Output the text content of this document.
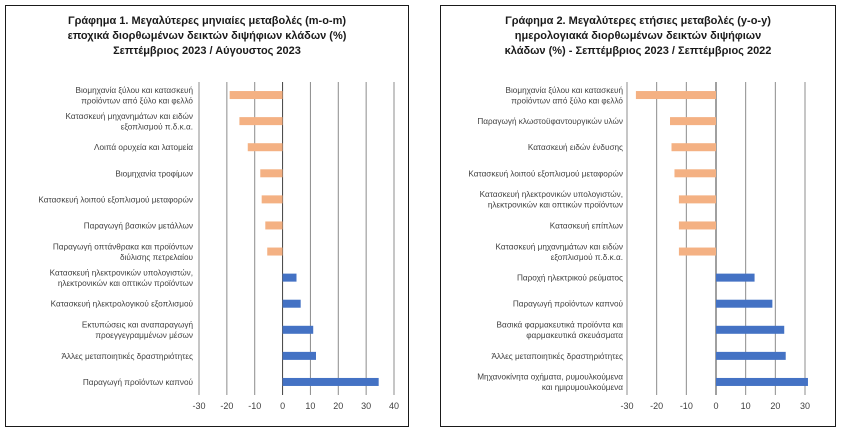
Γράφημα 1. Μεγαλύτερες μηνιαίες μεταβολές (m-o-m)
εποχικά διορθωμένων δεικτών διψήφιων κλάδων (%)
Σεπτέμβριος 2023 / Αύγουστος 2023
Βιομηχανία ξύλου και κατασκευή
προϊόντων από ξύλο και φελλό
Κατασκευή μηχανημάτων και ειδών
εξοπλισμού π.δ.κ.α.
Λοιπά ορυχεία και λατομεία
Βιομηχανία τροφίμων
Κατασκευή λοιπού εξοπλισμού μεταφορών
Παραγωγή βασικών μετάλλων
Παραγωγή οπτάνθρακα και προϊόντων
διύλισης πετρελαίου
Κατασκευή ηλεκτρονικών υπολογιστών,
ηλεκτρονικών και οπτικών προϊόντων
Κατασκευή ηλεκτρολογικού εξοπλισμού
Εκτυπώσεις και αναπαραγωγή
προεγγεγραμμένων μέσων
Άλλες μεταποιητικές δραστηριότητες
Παραγωγή προϊόντων καπνού
-30 -20 -10 0 10 20 30 40
Γράφημα 2. Μεγαλύτερες ετήσιες μεταβολές (y-o-y)
ημερολογιακά διορθωμένων δεικτών διψήφιων
κλάδων (%) - Σεπτέμβριος 2023 / Σεπτέμβριος 2022
Βιομηχανία ξύλου και κατασκευή
προϊόντων από ξύλο και φελλό
Παραγωγή κλωστοϋφαντουργικών υλών
Κατασκευή ειδών ένδυσης
Κατασκευή λοιπού εξοπλισμού μεταφορών
Κατασκευή ηλεκτρονικών υπολογιστών,
ηλεκτρονικών και οπτικών προϊόντων
Κατασκευή επίπλων
Κατασκευή μηχανημάτων και ειδών
εξοπλισμού π.δ.κ.α.
Παροχή ηλεκτρικού ρεύματος
Παραγωγή προϊόντων καπνού
Βασικά φαρμακευτικά προϊόντα και
φαρμακευτικά σκευάσματα
Άλλες μεταποιητικές δραστηριότητες
Μηχανοκίνητα οχήματα, ρυμουλκούμενα
και ημιρυμουλκούμενα
-30 -20 -10 0 10 20 30
